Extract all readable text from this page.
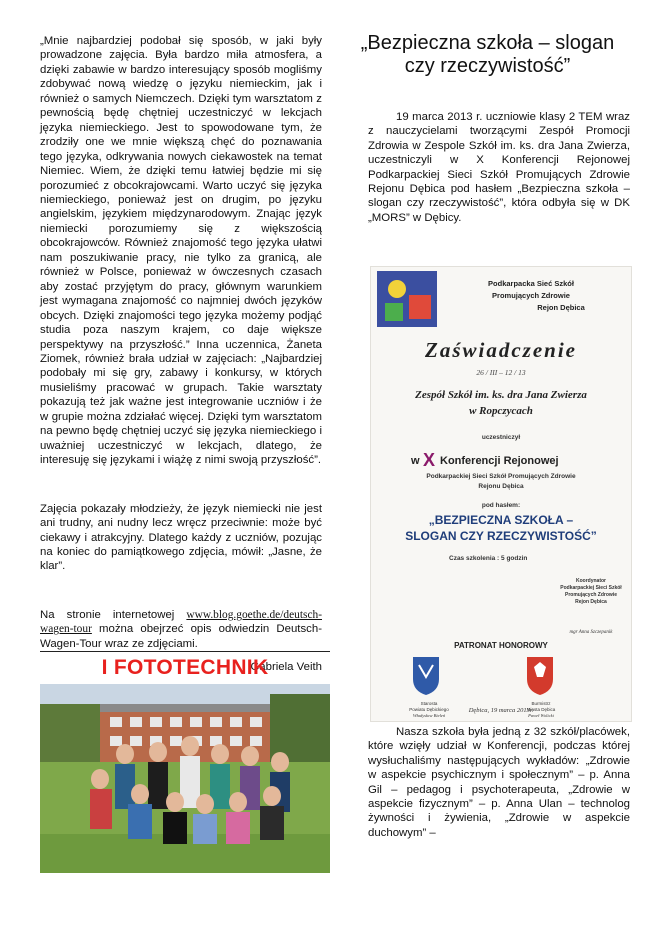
„Mnie najbardziej podobał się sposób, w jaki były prowadzone zajęcia. Była bardzo miła atmosfera, a dzięki zabawie w bardzo interesujący sposób mogliśmy zdobywać nową wiedzę o języku niemieckim, jak i również o samych Niemczech. Dzięki tym warsztatom z pewnością będę chętniej uczestniczyć w lekcjach języka niemieckiego. Jest to spowodowane tym, że zrodziły one we mnie większą chęć do poznawania tego języka, odkrywania nowych ciekawostek na temat Niemiec. Wiem, że dzięki temu łatwiej będzie mi się porozumieć z obcokrajowcami. Warto uczyć się języka niemieckiego, ponieważ jest on drugim, po języku angielskim, językiem międzynarodowym. Znając język niemiecki porozumiemy się z większością obcokrajowców. Również znajomość tego języka ułatwi nam poszukiwanie pracy, nie tylko za granicą, ale również w Polsce, ponieważ w ówczesnych czasach aby zostać przyjętym do pracy, głównym warunkiem jest wymagana znajomość co najmniej dwóch języków obcych. Dzięki znajomości tego języka możemy podjąć studia poza naszym krajem, co daje większe perspektywy na przyszłość.” Inna uczennica, Żaneta Ziomek, również brała udział w zajęciach: „Najbardziej podobały mi się gry, zabawy i konkursy, w których musieliśmy pracować w grupach. Takie warsztaty pokazują też jak ważne jest integrowanie uczniów i że w grupie można zdziałać więcej. Dzięki tym warsztatom na pewno będę chętniej uczyć się języka niemieckiego i uważniej uczestniczyć w lekcjach, dlatego, że interesuję się językami i wiążę z nimi swoją przyszłość”.

Zajęcia pokazały młodzieży, że język niemiecki nie jest ani trudny, ani nudny lecz wręcz przeciwnie: może być ciekawy i atrakcyjny. Dlatego każdy z uczniów, pozując na koniec do pamiątkowego zdjęcia, mówił: „Jasne, że klar”.

Na stronie internetowej www.blog.goethe.de/deutsch-wagen-tour można obejrzeć opis odwiedzin Deutsch-Wagen-Tour wraz ze zdjęciami.

Gabriela Veith
I FOTOTECHNIK
„Bezpieczna szkoła – slogan czy rzeczywistość”

19 marca 2013 r. uczniowie klasy 2 TEM wraz z nauczycielami tworzącymi Zespół Promocji Zdrowia w Zespole Szkół im. ks. dra Jana Zwierza, uczestniczyli w X Konferencji Rejonowej Podkarpackiej Sieci Szkół Promujących Zdrowie Rejonu Dębica pod hasłem „Bezpieczna szkoła – slogan czy rzeczywistość”, która odbyła się w DK „MORS” w Dębicy.

Podkarpacka Sieć Szkół
Promujących Zdrowie
Rejon Dębica
Zaświadczenie
26 / III – 12 / 13
Zespół Szkół im. ks. dra Jana Zwierza
w Ropczycach
uczestniczył
w X Konferencji Rejonowej
Podkarpackiej Sieci Szkół Promujących Zdrowie
Rejonu Dębica
pod hasłem:
„BEZPIECZNA SZKOŁA –
SLOGAN CZY RZECZYWISTOŚĆ”
Czas szkolenia : 5 godzin
Koordynator
Podkarpackiej Sieci Szkół
Promujących Zdrowie
Rejon Dębica
mgr Anna Szczepanik
PATRONAT HONOROWY
Starosta
Powiatu Dębickiego
Władysław Bieleń
Burmistrz
Miasta Dębica
Paweł Wolicki
Dębica, 19 marca 2013r.

Nasza szkoła była jedną z 32 szkół/placówek, które wzięły udział w Konferencji, podczas której wysłuchaliśmy następujących wykładów: „Zdrowie w aspekcie psychicznym i społecznym” – p. Anna Gil – pedagog i psychoterapeuta, „Zdrowie w aspekcie fizycznym” – p. Anna Ulan – technolog żywności i żywienia, „Zdrowie w aspekcie duchowym” –
